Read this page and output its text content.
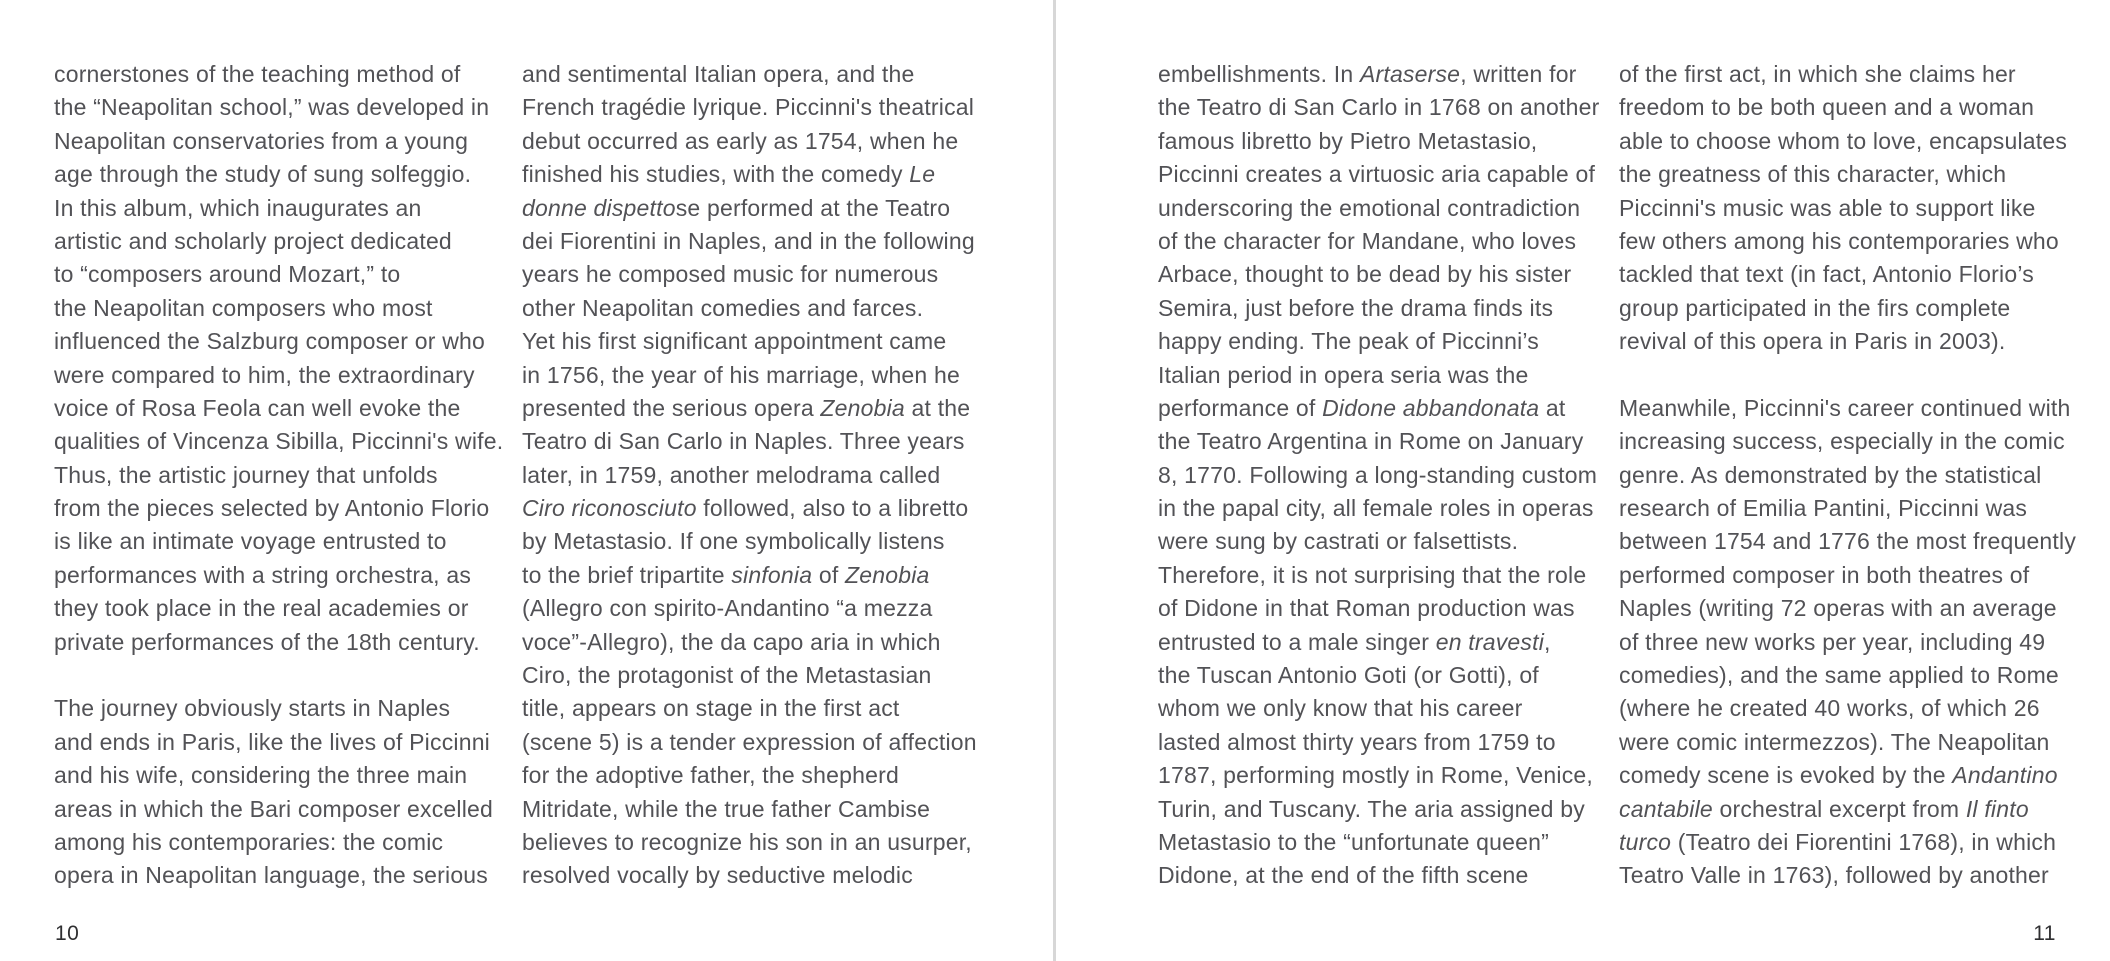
cornerstones of the teaching method of
the “Neapolitan school,” was developed in
Neapolitan conservatories from a young
age through the study of sung solfeggio.
In this album, which inaugurates an
artistic and scholarly project dedicated
to “composers around Mozart,” to
the Neapolitan composers who most
influenced the Salzburg composer or who
were compared to him, the extraordinary
voice of Rosa Feola can well evoke the
qualities of Vincenza Sibilla, Piccinni's wife.
Thus, the artistic journey that unfolds
from the pieces selected by Antonio Florio
is like an intimate voyage entrusted to
performances with a string orchestra, as
they took place in the real academies or
private performances of the 18th century.
The journey obviously starts in Naples
and ends in Paris, like the lives of Piccinni
and his wife, considering the three main
areas in which the Bari composer excelled
among his contemporaries: the comic
opera in Neapolitan language, the serious
and sentimental Italian opera, and the
French tragédie lyrique. Piccinni's theatrical
debut occurred as early as 1754, when he
finished his studies, with the comedy Le
donne dispettose performed at the Teatro
dei Fiorentini in Naples, and in the following
years he composed music for numerous
other Neapolitan comedies and farces.
Yet his first significant appointment came
in 1756, the year of his marriage, when he
presented the serious opera Zenobia at the
Teatro di San Carlo in Naples. Three years
later, in 1759, another melodrama called
Ciro riconosciuto followed, also to a libretto
by Metastasio. If one symbolically listens
to the brief tripartite sinfonia of Zenobia
(Allegro con spirito-Andantino “a mezza
voce”-Allegro), the da capo aria in which
Ciro, the protagonist of the Metastasian
title, appears on stage in the first act
(scene 5) is a tender expression of affection
for the adoptive father, the shepherd
Mitridate, while the true father Cambise
believes to recognize his son in an usurper,
resolved vocally by seductive melodic
10
embellishments. In Artaserse, written for
the Teatro di San Carlo in 1768 on another
famous libretto by Pietro Metastasio,
Piccinni creates a virtuosic aria capable of
underscoring the emotional contradiction
of the character for Mandane, who loves
Arbace, thought to be dead by his sister
Semira, just before the drama finds its
happy ending. The peak of Piccinni’s
Italian period in opera seria was the
performance of Didone abbandonata at
the Teatro Argentina in Rome on January
8, 1770. Following a long-standing custom
in the papal city, all female roles in operas
were sung by castrati or falsettists.
Therefore, it is not surprising that the role
of Didone in that Roman production was
entrusted to a male singer en travesti,
the Tuscan Antonio Goti (or Gotti), of
whom we only know that his career
lasted almost thirty years from 1759 to
1787, performing mostly in Rome, Venice,
Turin, and Tuscany. The aria assigned by
Metastasio to the “unfortunate queen”
Didone, at the end of the fifth scene
of the first act, in which she claims her
freedom to be both queen and a woman
able to choose whom to love, encapsulates
the greatness of this character, which
Piccinni's music was able to support like
few others among his contemporaries who
tackled that text (in fact, Antonio Florio’s
group participated in the firs complete
revival of this opera in Paris in 2003).
Meanwhile, Piccinni's career continued with
increasing success, especially in the comic
genre. As demonstrated by the statistical
research of Emilia Pantini, Piccinni was
between 1754 and 1776 the most frequently
performed composer in both theatres of
Naples (writing 72 operas with an average
of three new works per year, including 49
comedies), and the same applied to Rome
(where he created 40 works, of which 26
were comic intermezzos). The Neapolitan
comedy scene is evoked by the Andantino
cantabile orchestral excerpt from Il finto
turco (Teatro dei Fiorentini 1768), in which
Teatro Valle in 1763), followed by another
11
